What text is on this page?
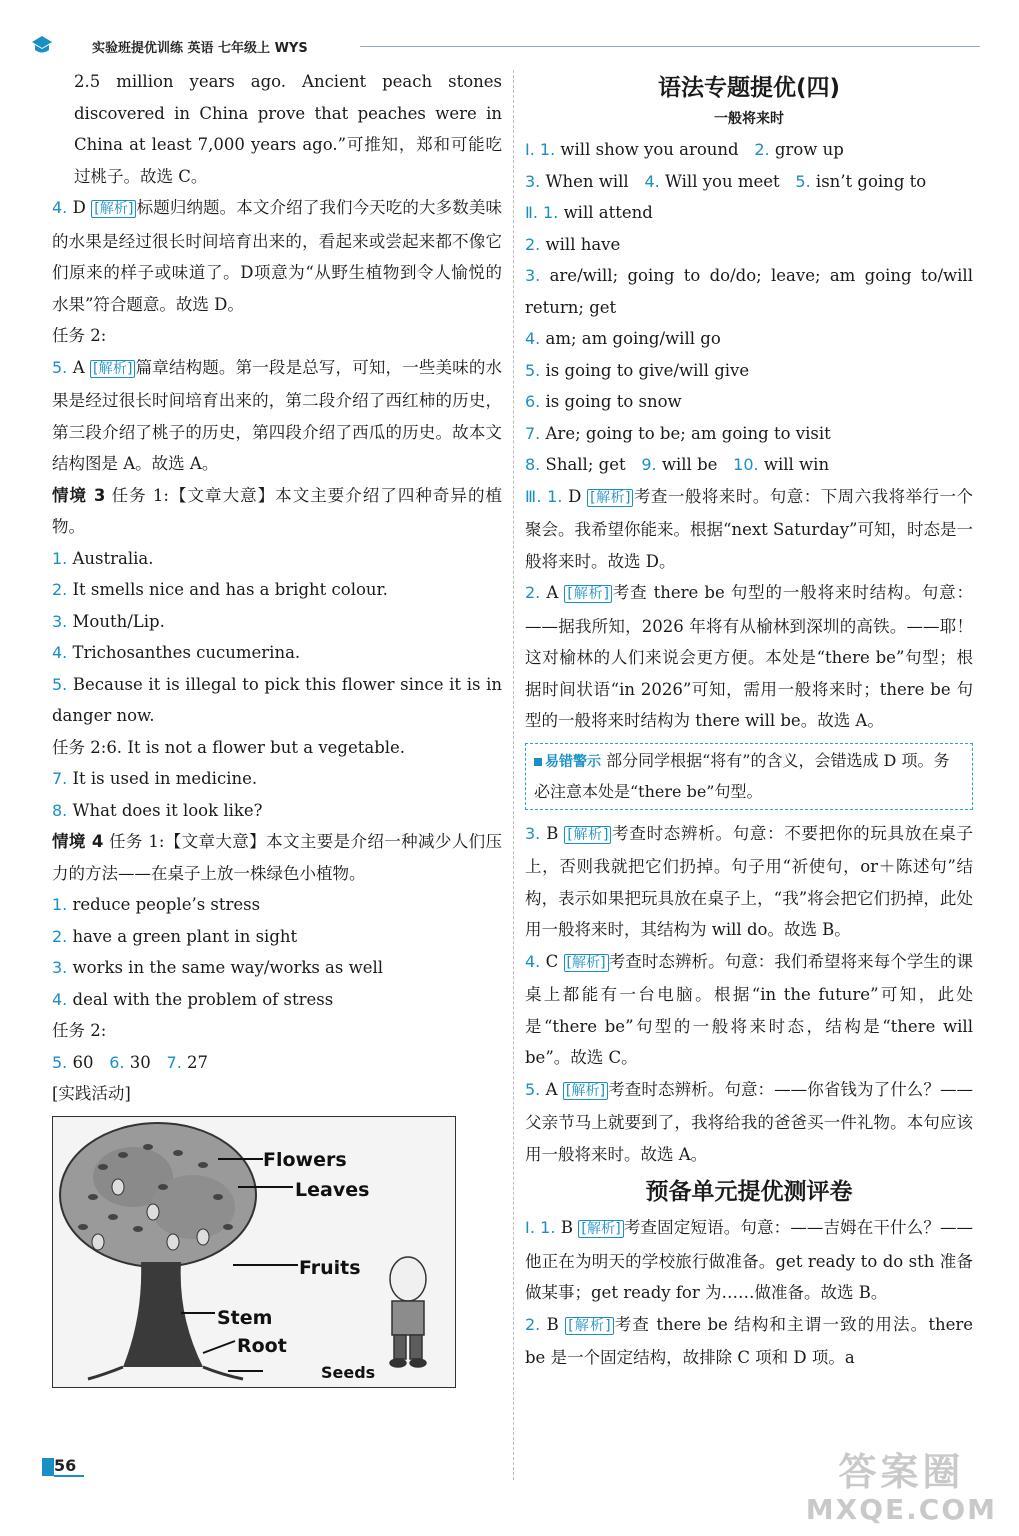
实验班提优训练 英语 七年级上 WYS

2.5 million years ago. Ancient peach stones discovered in China prove that peaches were in China at least 7,000 years ago.”可推知，郑和可能吃过桃子。故选 C。

4. D [解析] 标题归纳题。本文介绍了我们今天吃的大多数美味的水果是经过很长时间培育出来的，看起来或尝起来都不像它们原来的样子或味道了。D项意为“从野生植物到令人愉悦的水果”符合题意。故选 D。

任务 2:

5. A [解析] 篇章结构题。第一段是总写，可知，一些美味的水果是经过很长时间培育出来的，第二段介绍了西红柿的历史，第三段介绍了桃子的历史，第四段介绍了西瓜的历史。故本文结构图是 A。故选 A。

情境 3 任务 1:【文章大意】本文主要介绍了四种奇异的植物。

1. Australia.

2. It smells nice and has a bright colour.

3. Mouth/Lip.

4. Trichosanthes cucumerina.

5. Because it is illegal to pick this flower since it is in danger now.

任务 2:6. It is not a flower but a vegetable.

7. It is used in medicine.

8. What does it look like?

情境 4 任务 1:【文章大意】本文主要是介绍一种减少人们压力的方法——在桌子上放一株绿色小植物。

1. reduce people’s stress

2. have a green plant in sight

3. works in the same way/works as well

4. deal with the problem of stress

任务 2:

5. 60 6. 30 7. 27

[实践活动]

Flowers
Leaves
Fruits
Stem
Root
Seeds

语法专题提优(四)

一般将来时

Ⅰ. 1. will show you around 2. grow up

3. When will 4. Will you meet 5. isn’t going to

Ⅱ. 1. will attend

2. will have

3. are/will; going to do/do; leave; am going to/will return; get

4. am; am going/will go

5. is going to give/will give

6. is going to snow

7. Are; going to be; am going to visit

8. Shall; get 9. will be 10. will win

Ⅲ. 1. D [解析] 考查一般将来时。句意：下周六我将举行一个聚会。我希望你能来。根据“next Saturday”可知，时态是一般将来时。故选 D。

2. A [解析] 考查 there be 句型的一般将来时结构。句意：——据我所知，2026 年将有从榆林到深圳的高铁。——耶！这对榆林的人们来说会更方便。本处是“there be”句型；根据时间状语“in 2026”可知，需用一般将来时；there be 句型的一般将来时结构为 there will be。故选 A。

易错警示 部分同学根据“将有”的含义，会错选成 D 项。务必注意本处是“there be”句型。

3. B [解析] 考查时态辨析。句意：不要把你的玩具放在桌子上，否则我就把它们扔掉。句子用“祈使句，or＋陈述句”结构，表示如果把玩具放在桌子上，“我”将会把它们扔掉，此处用一般将来时，其结构为 will do。故选 B。

4. C [解析] 考查时态辨析。句意：我们希望将来每个学生的课桌上都能有一台电脑。根据“in the future”可知，此处是“there be”句型的一般将来时态，结构是“there will be”。故选 C。

5. A [解析] 考查时态辨析。句意：——你省钱为了什么？——父亲节马上就要到了，我将给我的爸爸买一件礼物。本句应该用一般将来时。故选 A。

预备单元提优测评卷

Ⅰ. 1. B [解析] 考查固定短语。句意：——吉姆在干什么？——他正在为明天的学校旅行做准备。get ready to do sth 准备做某事；get ready for 为……做准备。故选 B。

2. B [解析] 考查 there be 结构和主谓一致的用法。there be 是一个固定结构，故排除 C 项和 D 项。a

56	答案圈
MXQE.COM
